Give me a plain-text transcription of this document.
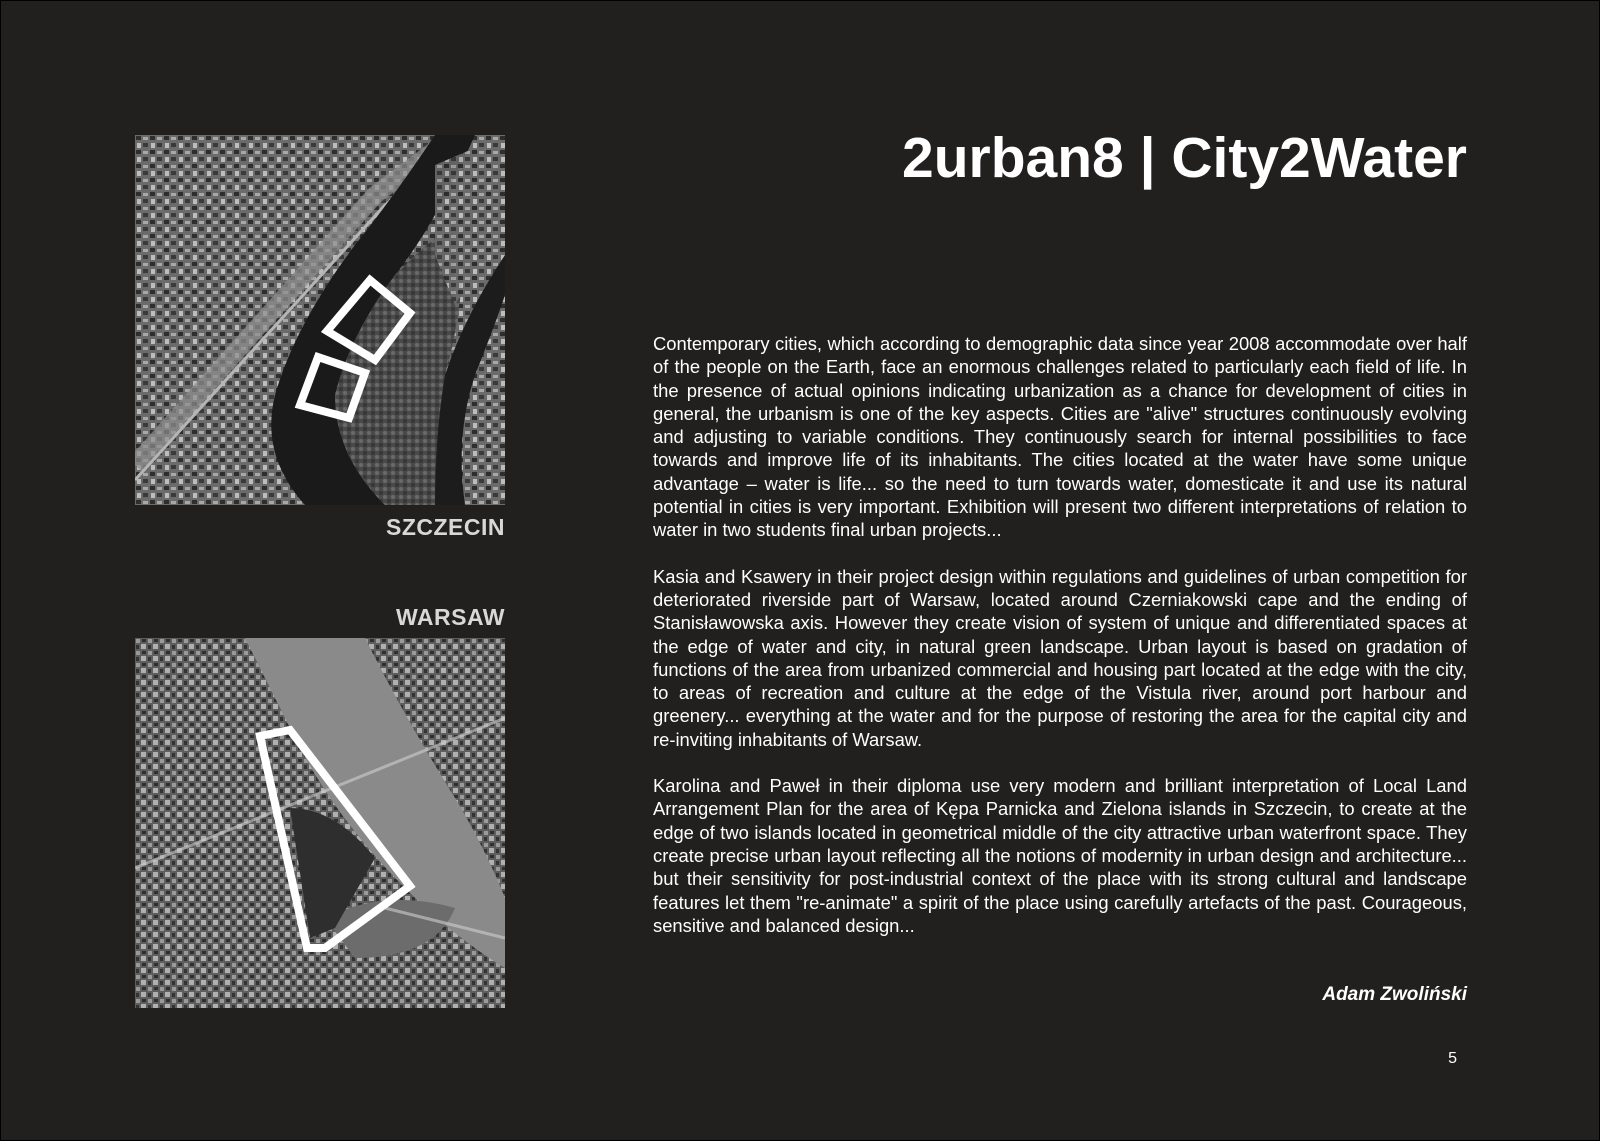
SZCZECIN
WARSAW
2urban8 | City2Water

Contemporary cities, which according to demographic data since year 2008 accommodate over half of the people on the Earth, face an enormous challenges related to particularly each field of life. In the presence of actual opinions indicating urbanization as a chance for development of cities in general, the urbanism is one of the key aspects. Cities are "alive" structures continuously evolving and adjusting to variable conditions. They continuously search for internal possibilities to face towards and improve life of its inhabitants. The cities located at the water have some unique advantage – water is life... so the need to turn towards water, domesticate it and use its natural potential in cities is very important. Exhibition will present two different interpretations of relation to water in two students final urban projects...

Kasia and Ksawery in their project design within regulations and guidelines of urban competition for deteriorated riverside part of Warsaw, located around Czerniakowski cape and the ending of Stanisławowska axis. However they create vision of system of unique and differentiated spaces at the edge of water and city, in natural green landscape. Urban layout is based on gradation of functions of the area from urbanized commercial and housing part located at the edge with the city, to areas of recreation and culture at the edge of the Vistula river, around port harbour and greenery... everything at the water and for the purpose of restoring the area for the capital city and re-inviting inhabitants of Warsaw.

Karolina and Paweł in their diploma use very modern and brilliant interpretation of Local Land Arrangement Plan for the area of Kępa Parnicka and Zielona islands in Szczecin, to create at the edge of two islands located in geometrical middle of the city attractive urban waterfront space. They create precise urban layout reflecting all the notions of modernity in urban design and architecture... but their sensitivity for post-industrial context of the place with its strong cultural and landscape features let them "re-animate" a spirit of the place using carefully artefacts of the past. Courageous, sensitive and balanced design...

Adam Zwoliński
5
